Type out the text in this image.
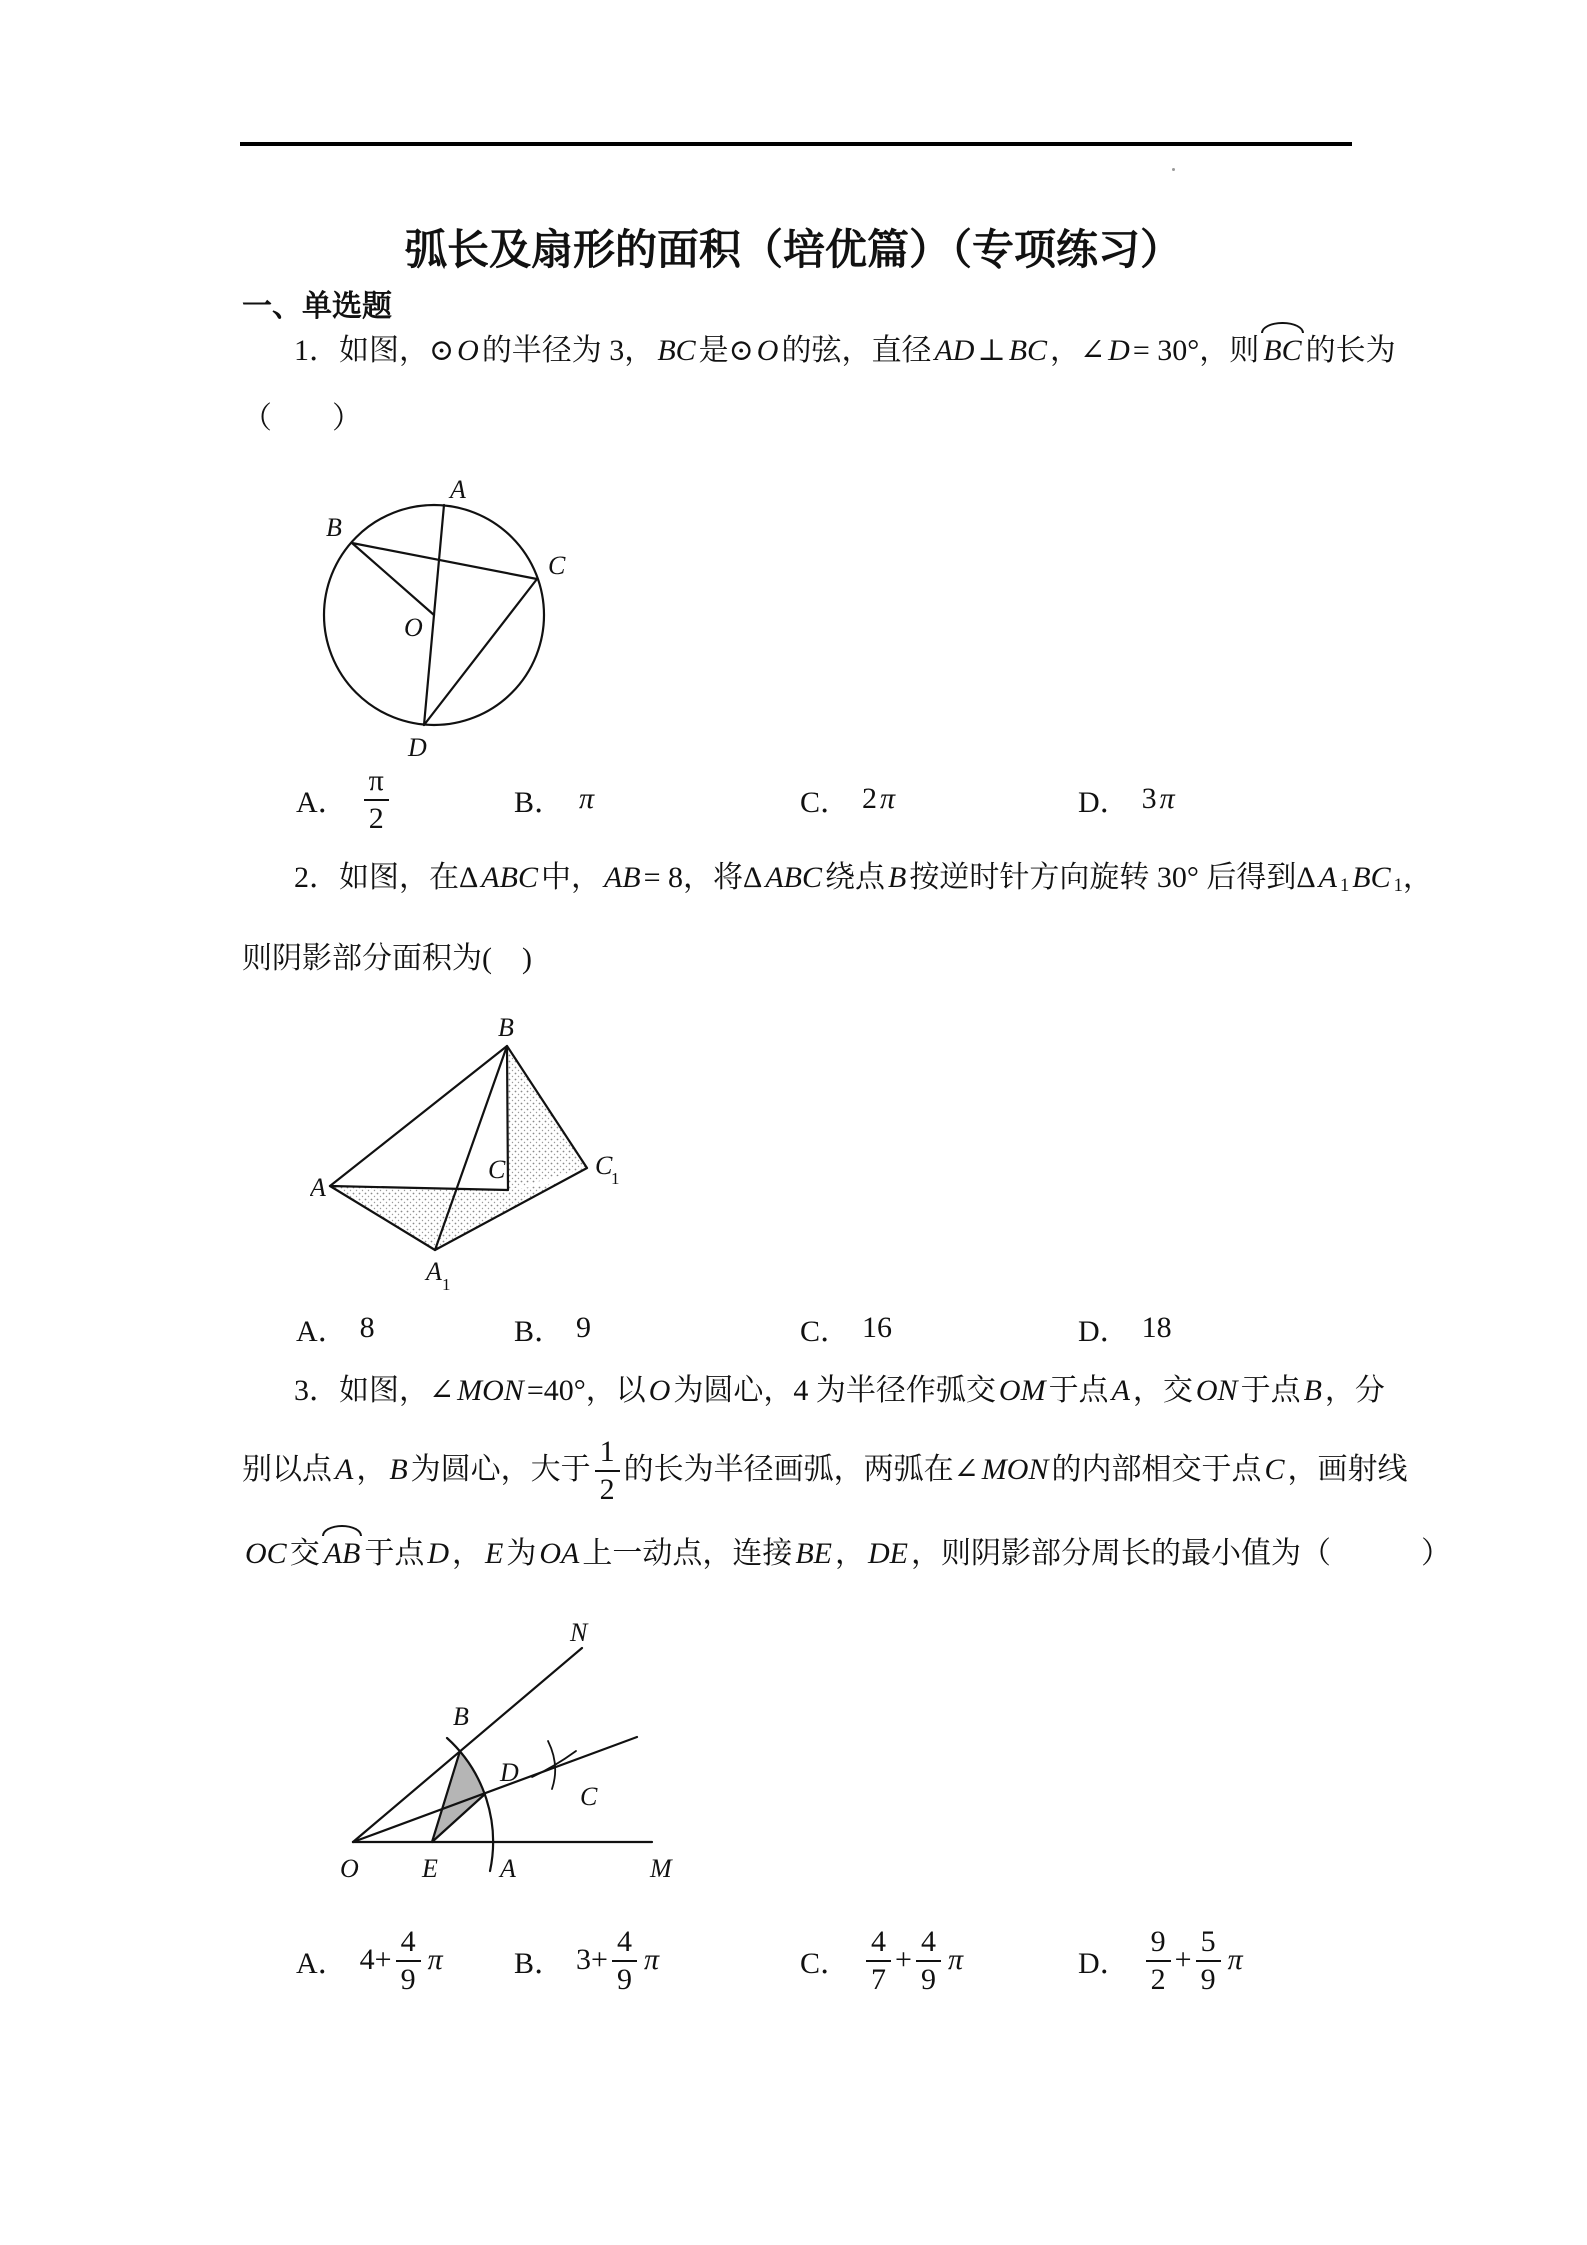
弧长及扇形的面积（培优篇）（专项练习）
一、单选题
1．如图， ⊙ O 的半径为 3， BC 是 ⊙ O 的弦，直径 AD ⊥ BC ， ∠ D = 30°，则 BC 的长为
（　　）
A
B
C
D
O
A． $\frac{\pi}{2}$	B． π	C． 2 π	D． 3 π
2．如图，在 Δ ABC 中， AB = 8，将 Δ ABC 绕点 B 按逆时针方向旋转 30° 后得到 Δ A 1 BC 1 ，
则阴影部分面积为(　)
B
A
C	C
1
A 1
A． 8	B． 9	C． 16	D． 18
3．如图， ∠ MON =40°，以 O 为圆心，4 为半径作弧交 OM 于点 A ，交 ON 于点 B ，分
别以点 A ， B 为圆心，大于 $\frac{1}{2}$ 的长为半径画弧，两弧在 ∠ MON 的内部相交于点 C ，画射线
OC 交 AB 于点 D ， E 为 OA 上一动点，连接 BE ， DE ，则阴影部分周长的最小值为（　　　）
N
B
D
C
O E A	M
A． $4+ \frac{4}{9}$ π B． $3+ \frac{4}{9}$ π	C． $\frac{4}{7} + \frac{4}{9}$ π	D． $\frac{9}{2} + \frac{5}{9}$ π
